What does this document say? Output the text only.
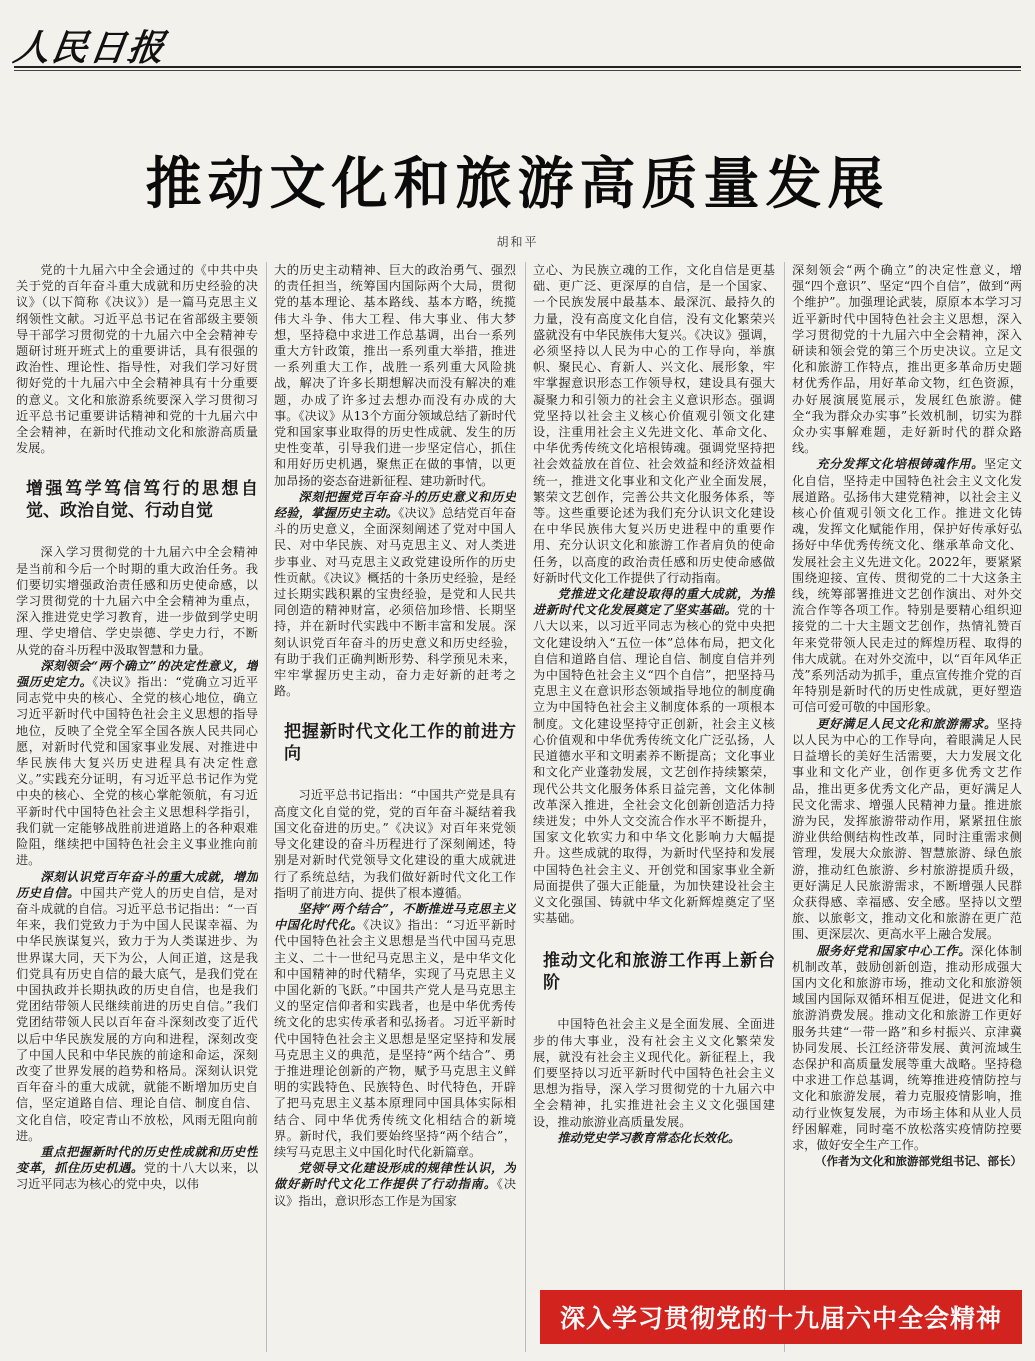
人民日报
推动文化和旅游高质量发展
胡和平

党的十九届六中全会通过的《中共中央关于党的百年奋斗重大成就和历史经验的决议》（以下简称《决议》）是一篇马克思主义纲领性文献。习近平总书记在省部级主要领导干部学习贯彻党的十九届六中全会精神专题研讨班开班式上的重要讲话，具有很强的政治性、理论性、指导性，对我们学习好贯彻好党的十九届六中全会精神具有十分重要的意义。文化和旅游系统要深入学习贯彻习近平总书记重要讲话精神和党的十九届六中全会精神，在新时代推动文化和旅游高质量发展。

增强笃学笃信笃行的思想自觉、政治自觉、行动自觉

深入学习贯彻党的十九届六中全会精神是当前和今后一个时期的重大政治任务。我们要切实增强政治责任感和历史使命感，以学习贯彻党的十九届六中全会精神为重点，深入推进党史学习教育，进一步做到学史明理、学史增信、学史崇德、学史力行，不断从党的奋斗历程中汲取智慧和力量。

深刻领会“两个确立”的决定性意义，增强历史定力。《决议》指出：“党确立习近平同志党中央的核心、全党的核心地位，确立习近平新时代中国特色社会主义思想的指导地位，反映了全党全军全国各族人民共同心愿，对新时代党和国家事业发展、对推进中华民族伟大复兴历史进程具有决定性意义。”实践充分证明，有习近平总书记作为党中央的核心、全党的核心掌舵领航，有习近平新时代中国特色社会主义思想科学指引，我们就一定能够战胜前进道路上的各种艰难险阻，继续把中国特色社会主义事业推向前进。

深刻认识党百年奋斗的重大成就，增加历史自信。中国共产党人的历史自信，是对奋斗成就的自信。习近平总书记指出：“一百年来，我们党致力于为中国人民谋幸福、为中华民族谋复兴，致力于为人类谋进步、为世界谋大同，天下为公，人间正道，这是我们党具有历史自信的最大底气，是我们党在中国执政并长期执政的历史自信，也是我们党团结带领人民继续前进的历史自信。”我们党团结带领人民以百年奋斗深刻改变了近代以后中华民族发展的方向和进程，深刻改变了中国人民和中华民族的前途和命运，深刻改变了世界发展的趋势和格局。深刻认识党百年奋斗的重大成就，就能不断增加历史自信，坚定道路自信、理论自信、制度自信、文化自信，咬定青山不放松，风雨无阻向前进。

重点把握新时代的历史性成就和历史性变革，抓住历史机遇。党的十八大以来，以习近平同志为核心的党中央，以伟

大的历史主动精神、巨大的政治勇气、强烈的责任担当，统筹国内国际两个大局，贯彻党的基本理论、基本路线、基本方略，统揽伟大斗争、伟大工程、伟大事业、伟大梦想，坚持稳中求进工作总基调，出台一系列重大方针政策，推出一系列重大举措，推进一系列重大工作，战胜一系列重大风险挑战，解决了许多长期想解决而没有解决的难题，办成了许多过去想办而没有办成的大事。《决议》从13个方面分领域总结了新时代党和国家事业取得的历史性成就、发生的历史性变革，引导我们进一步坚定信心，抓住和用好历史机遇，聚焦正在做的事情，以更加昂扬的姿态奋进新征程、建功新时代。

深刻把握党百年奋斗的历史意义和历史经验，掌握历史主动。《决议》总结党百年奋斗的历史意义，全面深刻阐述了党对中国人民、对中华民族、对马克思主义、对人类进步事业、对马克思主义政党建设所作的历史性贡献。《决议》概括的十条历史经验，是经过长期实践积累的宝贵经验，是党和人民共同创造的精神财富，必须倍加珍惜、长期坚持，并在新时代实践中不断丰富和发展。深刻认识党百年奋斗的历史意义和历史经验，有助于我们正确判断形势、科学预见未来，牢牢掌握历史主动，奋力走好新的赶考之路。

把握新时代文化工作的前进方向

习近平总书记指出：“中国共产党是具有高度文化自觉的党，党的百年奋斗凝结着我国文化奋进的历史。”《决议》对百年来党领导文化建设的奋斗历程进行了深刻阐述，特别是对新时代党领导文化建设的重大成就进行了系统总结，为我们做好新时代文化工作指明了前进方向、提供了根本遵循。

坚持“两个结合”，不断推进马克思主义中国化时代化。《决议》指出：“习近平新时代中国特色社会主义思想是当代中国马克思主义、二十一世纪马克思主义，是中华文化和中国精神的时代精华，实现了马克思主义中国化新的飞跃。”中国共产党人是马克思主义的坚定信仰者和实践者，也是中华优秀传统文化的忠实传承者和弘扬者。习近平新时代中国特色社会主义思想是坚定坚持和发展马克思主义的典范，是坚持“两个结合”、勇于推进理论创新的产物，赋予马克思主义鲜明的实践特色、民族特色、时代特色，开辟了把马克思主义基本原理同中国具体实际相结合、同中华优秀传统文化相结合的新境界。新时代，我们要始终坚持“两个结合”，续写马克思主义中国化时代化新篇章。

党领导文化建设形成的规律性认识，为做好新时代文化工作提供了行动指南。《决议》指出，意识形态工作是为国家

立心、为民族立魂的工作，文化自信是更基础、更广泛、更深厚的自信，是一个国家、一个民族发展中最基本、最深沉、最持久的力量，没有高度文化自信，没有文化繁荣兴盛就没有中华民族伟大复兴。《决议》强调，必须坚持以人民为中心的工作导向，举旗帜、聚民心、育新人、兴文化、展形象，牢牢掌握意识形态工作领导权，建设具有强大凝聚力和引领力的社会主义意识形态。强调党坚持以社会主义核心价值观引领文化建设，注重用社会主义先进文化、革命文化、中华优秀传统文化培根铸魂。强调党坚持把社会效益放在首位、社会效益和经济效益相统一，推进文化事业和文化产业全面发展，繁荣文艺创作，完善公共文化服务体系，等等。这些重要论述为我们充分认识文化建设在中华民族伟大复兴历史进程中的重要作用、充分认识文化和旅游工作者肩负的使命任务，以高度的政治责任感和历史使命感做好新时代文化工作提供了行动指南。

党推进文化建设取得的重大成就，为推进新时代文化发展奠定了坚实基础。党的十八大以来，以习近平同志为核心的党中央把文化建设纳入“五位一体”总体布局，把文化自信和道路自信、理论自信、制度自信并列为中国特色社会主义“四个自信”，把坚持马克思主义在意识形态领域指导地位的制度确立为中国特色社会主义制度体系的一项根本制度。文化建设坚持守正创新，社会主义核心价值观和中华优秀传统文化广泛弘扬，人民道德水平和文明素养不断提高；文化事业和文化产业蓬勃发展，文艺创作持续繁荣，现代公共文化服务体系日益完善，文化体制改革深入推进，全社会文化创新创造活力持续迸发；中外人文交流合作水平不断提升，国家文化软实力和中华文化影响力大幅提升。这些成就的取得，为新时代坚持和发展中国特色社会主义、开创党和国家事业全新局面提供了强大正能量，为加快建设社会主义文化强国、铸就中华文化新辉煌奠定了坚实基础。

推动文化和旅游工作再上新台阶

中国特色社会主义是全面发展、全面进步的伟大事业，没有社会主义文化繁荣发展，就没有社会主义现代化。新征程上，我们要坚持以习近平新时代中国特色社会主义思想为指导，深入学习贯彻党的十九届六中全会精神，扎实推进社会主义文化强国建设，推动旅游业高质量发展。

推动党史学习教育常态化长效化。

深刻领会“两个确立”的决定性意义，增强“四个意识”、坚定“四个自信”，做到“两个维护”。加强理论武装，原原本本学习习近平新时代中国特色社会主义思想，深入学习贯彻党的十九届六中全会精神，深入研读和领会党的第三个历史决议。立足文化和旅游工作特点，推出更多革命历史题材优秀作品，用好革命文物，红色资源，办好展演展览展示，发展红色旅游。健全“我为群众办实事”长效机制，切实为群众办实事解难题，走好新时代的群众路线。

充分发挥文化培根铸魂作用。坚定文化自信，坚持走中国特色社会主义文化发展道路。弘扬伟大建党精神，以社会主义核心价值观引领文化工作。推进文化铸魂，发挥文化赋能作用，保护好传承好弘扬好中华优秀传统文化、继承革命文化、发展社会主义先进文化。2022年，要紧紧围绕迎接、宣传、贯彻党的二十大这条主线，统筹部署推进文艺创作演出、对外交流合作等各项工作。特别是要精心组织迎接党的二十大主题文艺创作，热情礼赞百年来党带领人民走过的辉煌历程、取得的伟大成就。在对外交流中，以“百年风华正茂”系列活动为抓手，重点宣传推介党的百年特别是新时代的历史性成就，更好塑造可信可爱可敬的中国形象。

更好满足人民文化和旅游需求。坚持以人民为中心的工作导向，着眼满足人民日益增长的美好生活需要，大力发展文化事业和文化产业，创作更多优秀文艺作品，推出更多优秀文化产品，更好满足人民文化需求、增强人民精神力量。推进旅游为民，发挥旅游带动作用，紧紧扭住旅游业供给侧结构性改革，同时注重需求侧管理，发展大众旅游、智慧旅游、绿色旅游，推动红色旅游、乡村旅游提质升级，更好满足人民旅游需求，不断增强人民群众获得感、幸福感、安全感。坚持以文塑旅、以旅彰文，推动文化和旅游在更广范围、更深层次、更高水平上融合发展。

服务好党和国家中心工作。深化体制机制改革，鼓励创新创造，推动形成强大国内文化和旅游市场，推动文化和旅游领域国内国际双循环相互促进，促进文化和旅游消费发展。推动文化和旅游工作更好服务共建“一带一路”和乡村振兴、京津冀协同发展、长江经济带发展、黄河流域生态保护和高质量发展等重大战略。坚持稳中求进工作总基调，统筹推进疫情防控与文化和旅游发展，着力克服疫情影响，推动行业恢复发展，为市场主体和从业人员纾困解难，同时毫不放松落实疫情防控要求，做好安全生产工作。

（作者为文化和旅游部党组书记、部长）

深入学习贯彻党的十九届六中全会精神
